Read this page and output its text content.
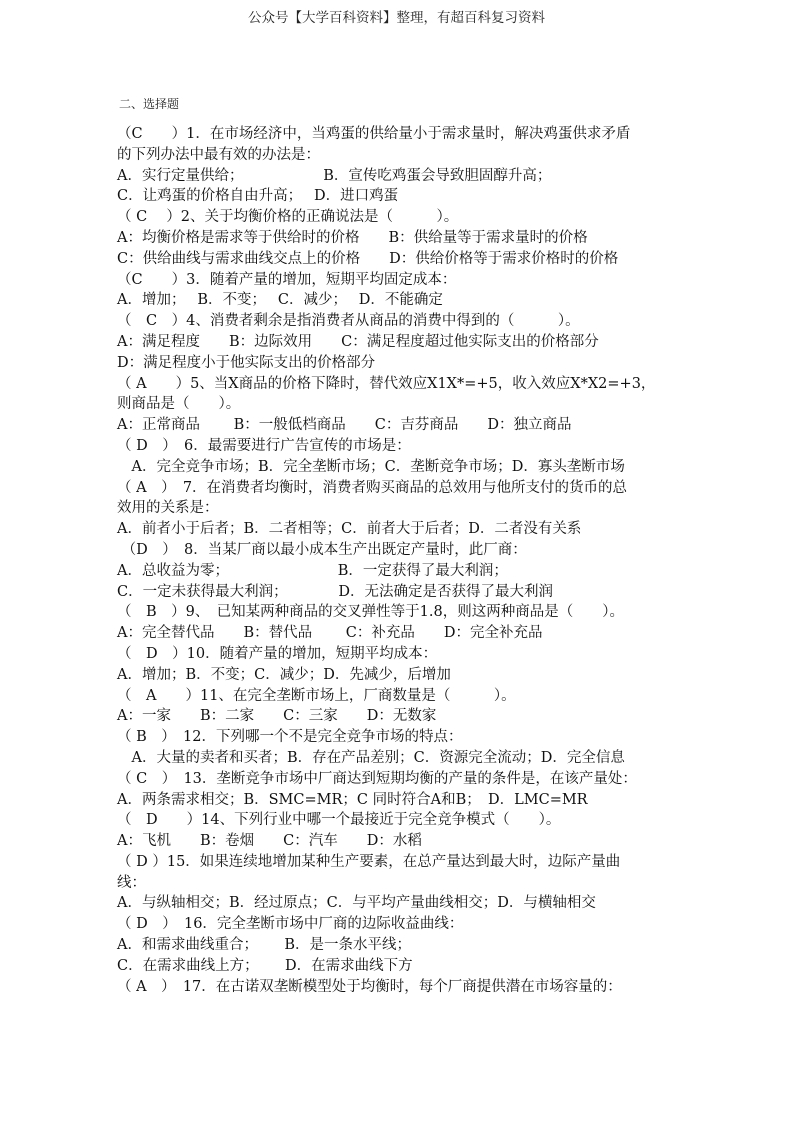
公众号【大学百科资料】整理，有超百科复习资料
二、选择题
（C　　）1．在市场经济中，当鸡蛋的供给量小于需求量时，解决鸡蛋供求矛盾
的下列办法中最有效的办法是：
A．实行定量供给；　　　　　　B．宣传吃鸡蛋会导致胆固醇升高；
C．让鸡蛋的价格自由升高；　 D．进口鸡蛋
（ C　 ）2、关于均衡价格的正确说法是（　　　）。
A：均衡价格是需求等于供给时的价格　　B：供给量等于需求量时的价格
C：供给曲线与需求曲线交点上的价格　　D：供给价格等于需求价格时的价格
（C　　）3．随着产量的增加，短期平均固定成本：
A．增加；　 B．不变；　 C．减少；　 D．不能确定
（　C　）4、消费者剩余是指消费者从商品的消费中得到的（　　　）。
A：满足程度　　B：边际效用　　C：满足程度超过他实际支出的价格部分
D：满足程度小于他实际支出的价格部分
（ A　　）5、当X商品的价格下降时，替代效应X1X*=+5，收入效应X*X2=+3，
则商品是（　　）。
A：正常商品　　 B：一般低档商品　　C：吉芬商品　　D：独立商品
（ D　）　6．最需要进行广告宣传的市场是：
　A．完全竞争市场；B．完全垄断市场；C．垄断竞争市场；D．寡头垄断市场
（ A　）　7．在消费者均衡时，消费者购买商品的总效用与他所支付的货币的总
效用的关系是：
A．前者小于后者；B．二者相等；C．前者大于后者；D．二者没有关系
（D　）　8．当某厂商以最小成本生产出既定产量时，此厂商：
A．总收益为零；　　　　　　　　B．一定获得了最大利润；
C．一定未获得最大利润；　　　　D．无法确定是否获得了最大利润
（　B　）9、　已知某两种商品的交叉弹性等于1.8，则这两种商品是（　　）。
A：完全替代品　　B：替代品　　 C：补充品　　D：完全补充品
（　D　）10．随着产量的增加，短期平均成本：
A．增加；B．不变；C．减少；D．先减少，后增加
（　A　　）11、在完全垄断市场上，厂商数量是（　　　）。
A：一家　　B：二家　　C：三家　　D：无数家
（ B　）　12．下列哪一个不是完全竞争市场的特点：
　A．大量的卖者和买者；B．存在产品差别；C．资源完全流动；D．完全信息
（ C　）　13．垄断竞争市场中厂商达到短期均衡的产量的条件是，在该产量处：
A．两条需求相交；B．SMC=MR；C 同时符合A和B；　D．LMC=MR
（　D　　）14、下列行业中哪一个最接近于完全竞争模式（　　）。
A：飞机　　B：卷烟　　C：汽车　　D：水稻
（ D ）15．如果连续地增加某种生产要素，在总产量达到最大时，边际产量曲
线：
A．与纵轴相交；B．经过原点；C．与平均产量曲线相交；D．与横轴相交
（ D　）　16．完全垄断市场中厂商的边际收益曲线：
A．和需求曲线重合；　　 B．是一条水平线；
C．在需求曲线上方；　　 D．在需求曲线下方
（ A　）　17．在古诺双垄断模型处于均衡时，每个厂商提供潜在市场容量的：
